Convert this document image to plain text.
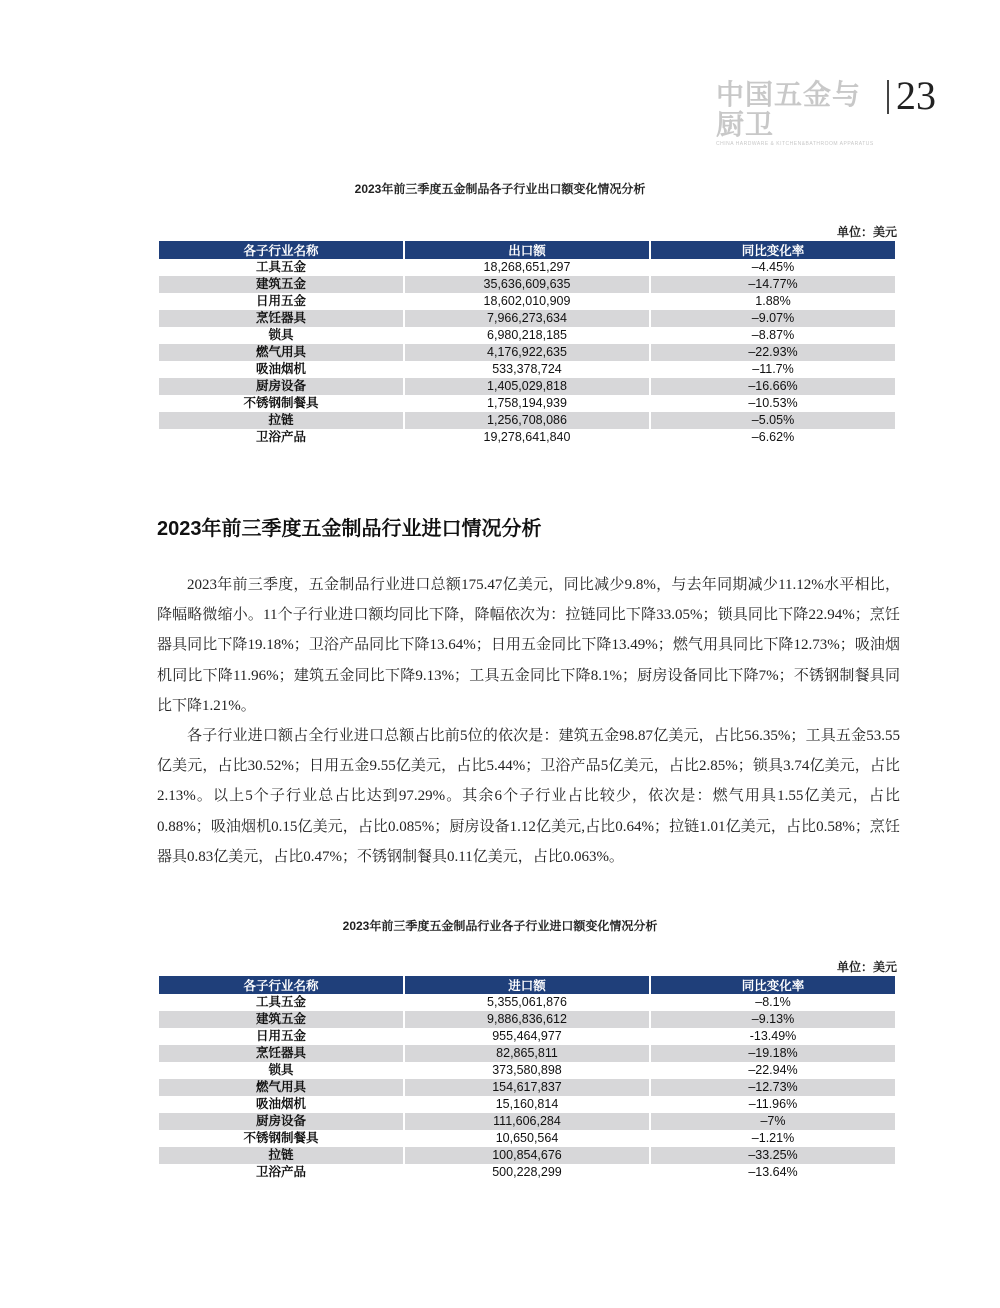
中国五金与厨卫
CHINA HARDWARE & KITCHEN&BATHROOM APPARATUS
23
2023年前三季度五金制品各子行业出口额变化情况分析
单位：美元
各子行业名称	出口额	同比变化率
工具五金	18,268,651,297	–4.45%
建筑五金	35,636,609,635	–14.77%
日用五金	18,602,010,909	1.88%
烹饪器具	7,966,273,634	–9.07%
锁具	6,980,218,185	–8.87%
燃气用具	4,176,922,635	–22.93%
吸油烟机	533,378,724	–11.7%
厨房设备	1,405,029,818	–16.66%
不锈钢制餐具	1,758,194,939	–10.53%
拉链	1,256,708,086	–5.05%
卫浴产品	19,278,641,840	–6.62%
2023年前三季度五金制品行业进口情况分析

2023年前三季度，五金制品行业进口总额175.47亿美元，同比减少9.8%，与去年同期减少11.12%水平相比，降幅略微缩小。11个子行业进口额均同比下降，降幅依次为：拉链同比下降33.05%；锁具同比下降22.94%；烹饪器具同比下降19.18%；卫浴产品同比下降13.64%；日用五金同比下降13.49%；燃气用具同比下降12.73%；吸油烟机同比下降11.96%；建筑五金同比下降9.13%；工具五金同比下降8.1%；厨房设备同比下降7%；不锈钢制餐具同比下降1.21%。

各子行业进口额占全行业进口总额占比前5位的依次是：建筑五金98.87亿美元，占比56.35%；工具五金53.55亿美元，占比30.52%；日用五金9.55亿美元，占比5.44%；卫浴产品5亿美元，占比2.85%；锁具3.74亿美元，占比2.13%。以上5个子行业总占比达到97.29%。其余6个子行业占比较少，依次是：燃气用具1.55亿美元，占比0.88%；吸油烟机0.15亿美元，占比0.085%；厨房设备1.12亿美元,占比0.64%；拉链1.01亿美元，占比0.58%；烹饪器具0.83亿美元，占比0.47%；不锈钢制餐具0.11亿美元，占比0.063%。

2023年前三季度五金制品行业各子行业进口额变化情况分析
单位：美元
各子行业名称	进口额	同比变化率
工具五金	5,355,061,876	–8.1%
建筑五金	9,886,836,612	–9.13%
日用五金	955,464,977	-13.49%
烹饪器具	82,865,811	–19.18%
锁具	373,580,898	–22.94%
燃气用具	154,617,837	–12.73%
吸油烟机	15,160,814	–11.96%
厨房设备	111,606,284	–7%
不锈钢制餐具	10,650,564	–1.21%
拉链	100,854,676	–33.25%
卫浴产品	500,228,299	–13.64%
